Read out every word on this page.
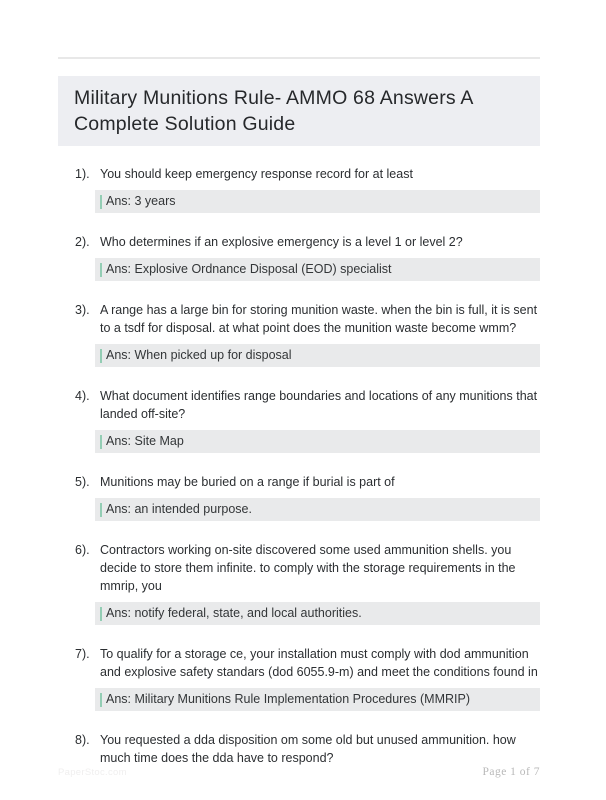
Military Munitions Rule- AMMO 68 Answers A Complete Solution Guide
1). You should keep emergency response record for at least
Ans: 3 years
2). Who determines if an explosive emergency is a level 1 or level 2?
Ans: Explosive Ordnance Disposal (EOD) specialist
3). A range has a large bin for storing munition waste. when the bin is full, it is sent to a tsdf for disposal. at what point does the munition waste become wmm?
Ans: When picked up for disposal
4). What document identifies range boundaries and locations of any munitions that landed off-site?
Ans: Site Map
5). Munitions may be buried on a range if burial is part of
Ans: an intended purpose.
6). Contractors working on-site discovered some used ammunition shells. you decide to store them infinite. to comply with the storage requirements in the mmrip, you
Ans: notify federal, state, and local authorities.
7). To qualify for a storage ce, your installation must comply with dod ammunition and explosive safety standars (dod 6055.9-m) and meet the conditions found in
Ans: Military Munitions Rule Implementation Procedures (MMRIP)
8). You requested a dda disposition om some old but unused ammunition. how much time does the dda have to respond?
PaperStoc.com	Page 1 of 7
